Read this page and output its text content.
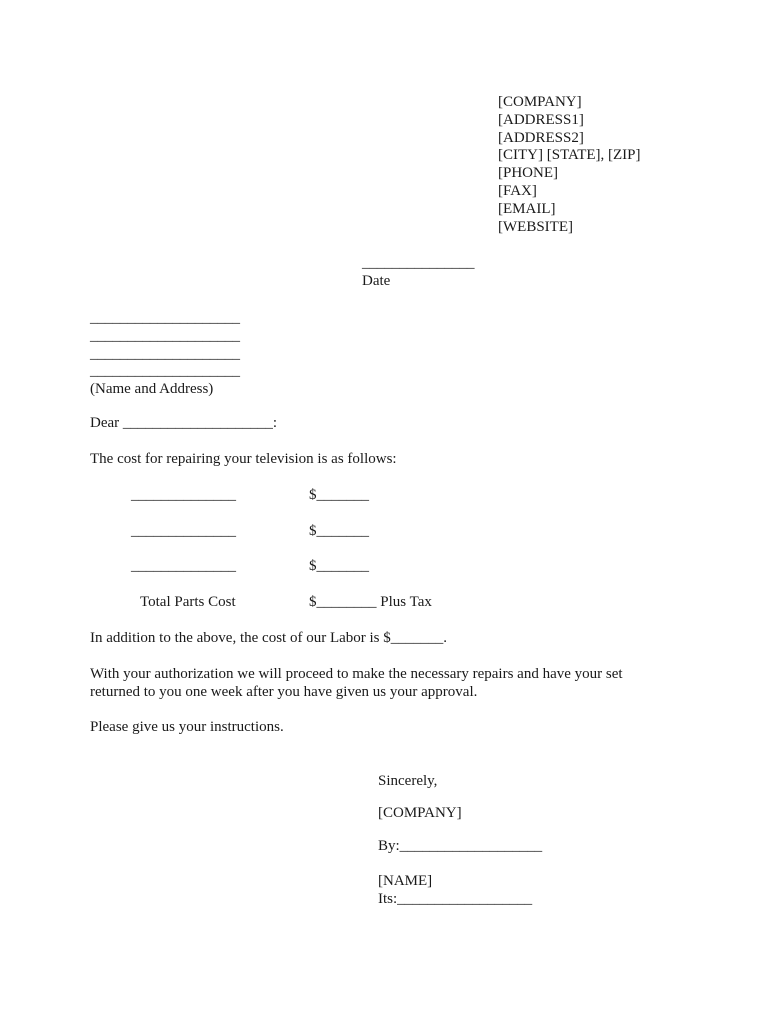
[COMPANY]
[ADDRESS1]
[ADDRESS2]
[CITY] [STATE], [ZIP]
[PHONE]
[FAX]
[EMAIL]
[WEBSITE]
_______________
Date
____________________
____________________
____________________
____________________
(Name and Address)
Dear ____________________:
The cost for repairing your television is as follows:
______________	$_______
______________	$_______
______________	$_______
Total Parts Cost	$________ Plus Tax
In addition to the above, the cost of our Labor is $_______.
With your authorization we will proceed to make the necessary repairs and have your set
returned to you one week after you have given us your approval.
Please give us your instructions.
Sincerely,
[COMPANY]
By:___________________
[NAME]
Its:__________________
